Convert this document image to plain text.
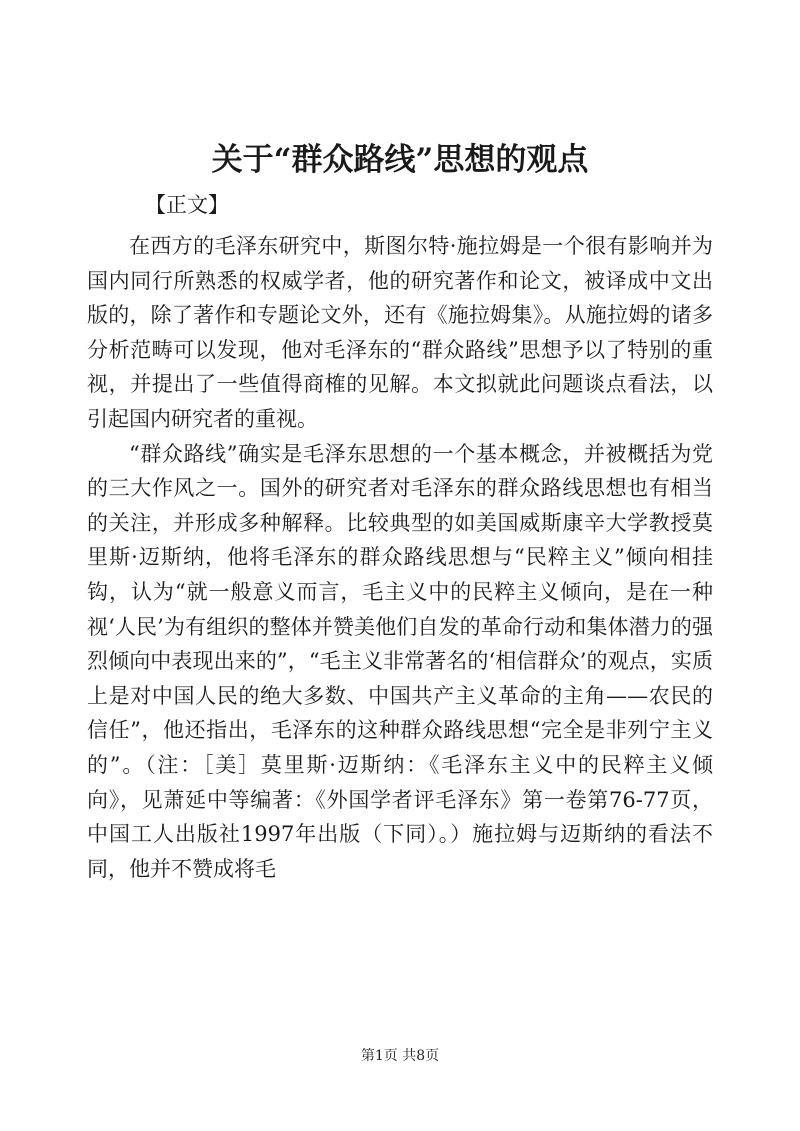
关于“群众路线”思想的观点
【正文】

在西方的毛泽东研究中，斯图尔特·施拉姆是一个很有影响并为国内同行所熟悉的权威学者，他的研究著作和论文，被译成中文出版的，除了著作和专题论文外，还有《施拉姆集》。从施拉姆的诸多分析范畴可以发现，他对毛泽东的“群众路线”思想予以了特别的重视，并提出了一些值得商榷的见解。本文拟就此问题谈点看法，以引起国内研究者的重视。

“群众路线”确实是毛泽东思想的一个基本概念，并被概括为党的三大作风之一。国外的研究者对毛泽东的群众路线思想也有相当的关注，并形成多种解释。比较典型的如美国威斯康辛大学教授莫里斯·迈斯纳，他将毛泽东的群众路线思想与“民粹主义”倾向相挂钩，认为“就一般意义而言，毛主义中的民粹主义倾向，是在一种视‘人民’为有组织的整体并赞美他们自发的革命行动和集体潜力的强烈倾向中表现出来的”，“毛主义非常著名的‘相信群众’的观点，实质上是对中国人民的绝大多数、中国共产主义革命的主角——农民的信任”，他还指出，毛泽东的这种群众路线思想“完全是非列宁主义的”。（注：［美］莫里斯·迈斯纳：《毛泽东主义中的民粹主义倾向》，见萧延中等编著：《外国学者评毛泽东》第一卷第76-77页，中国工人出版社1997年出版（下同）。）施拉姆与迈斯纳的看法不同，他并不赞成将毛

第1页 共8页
